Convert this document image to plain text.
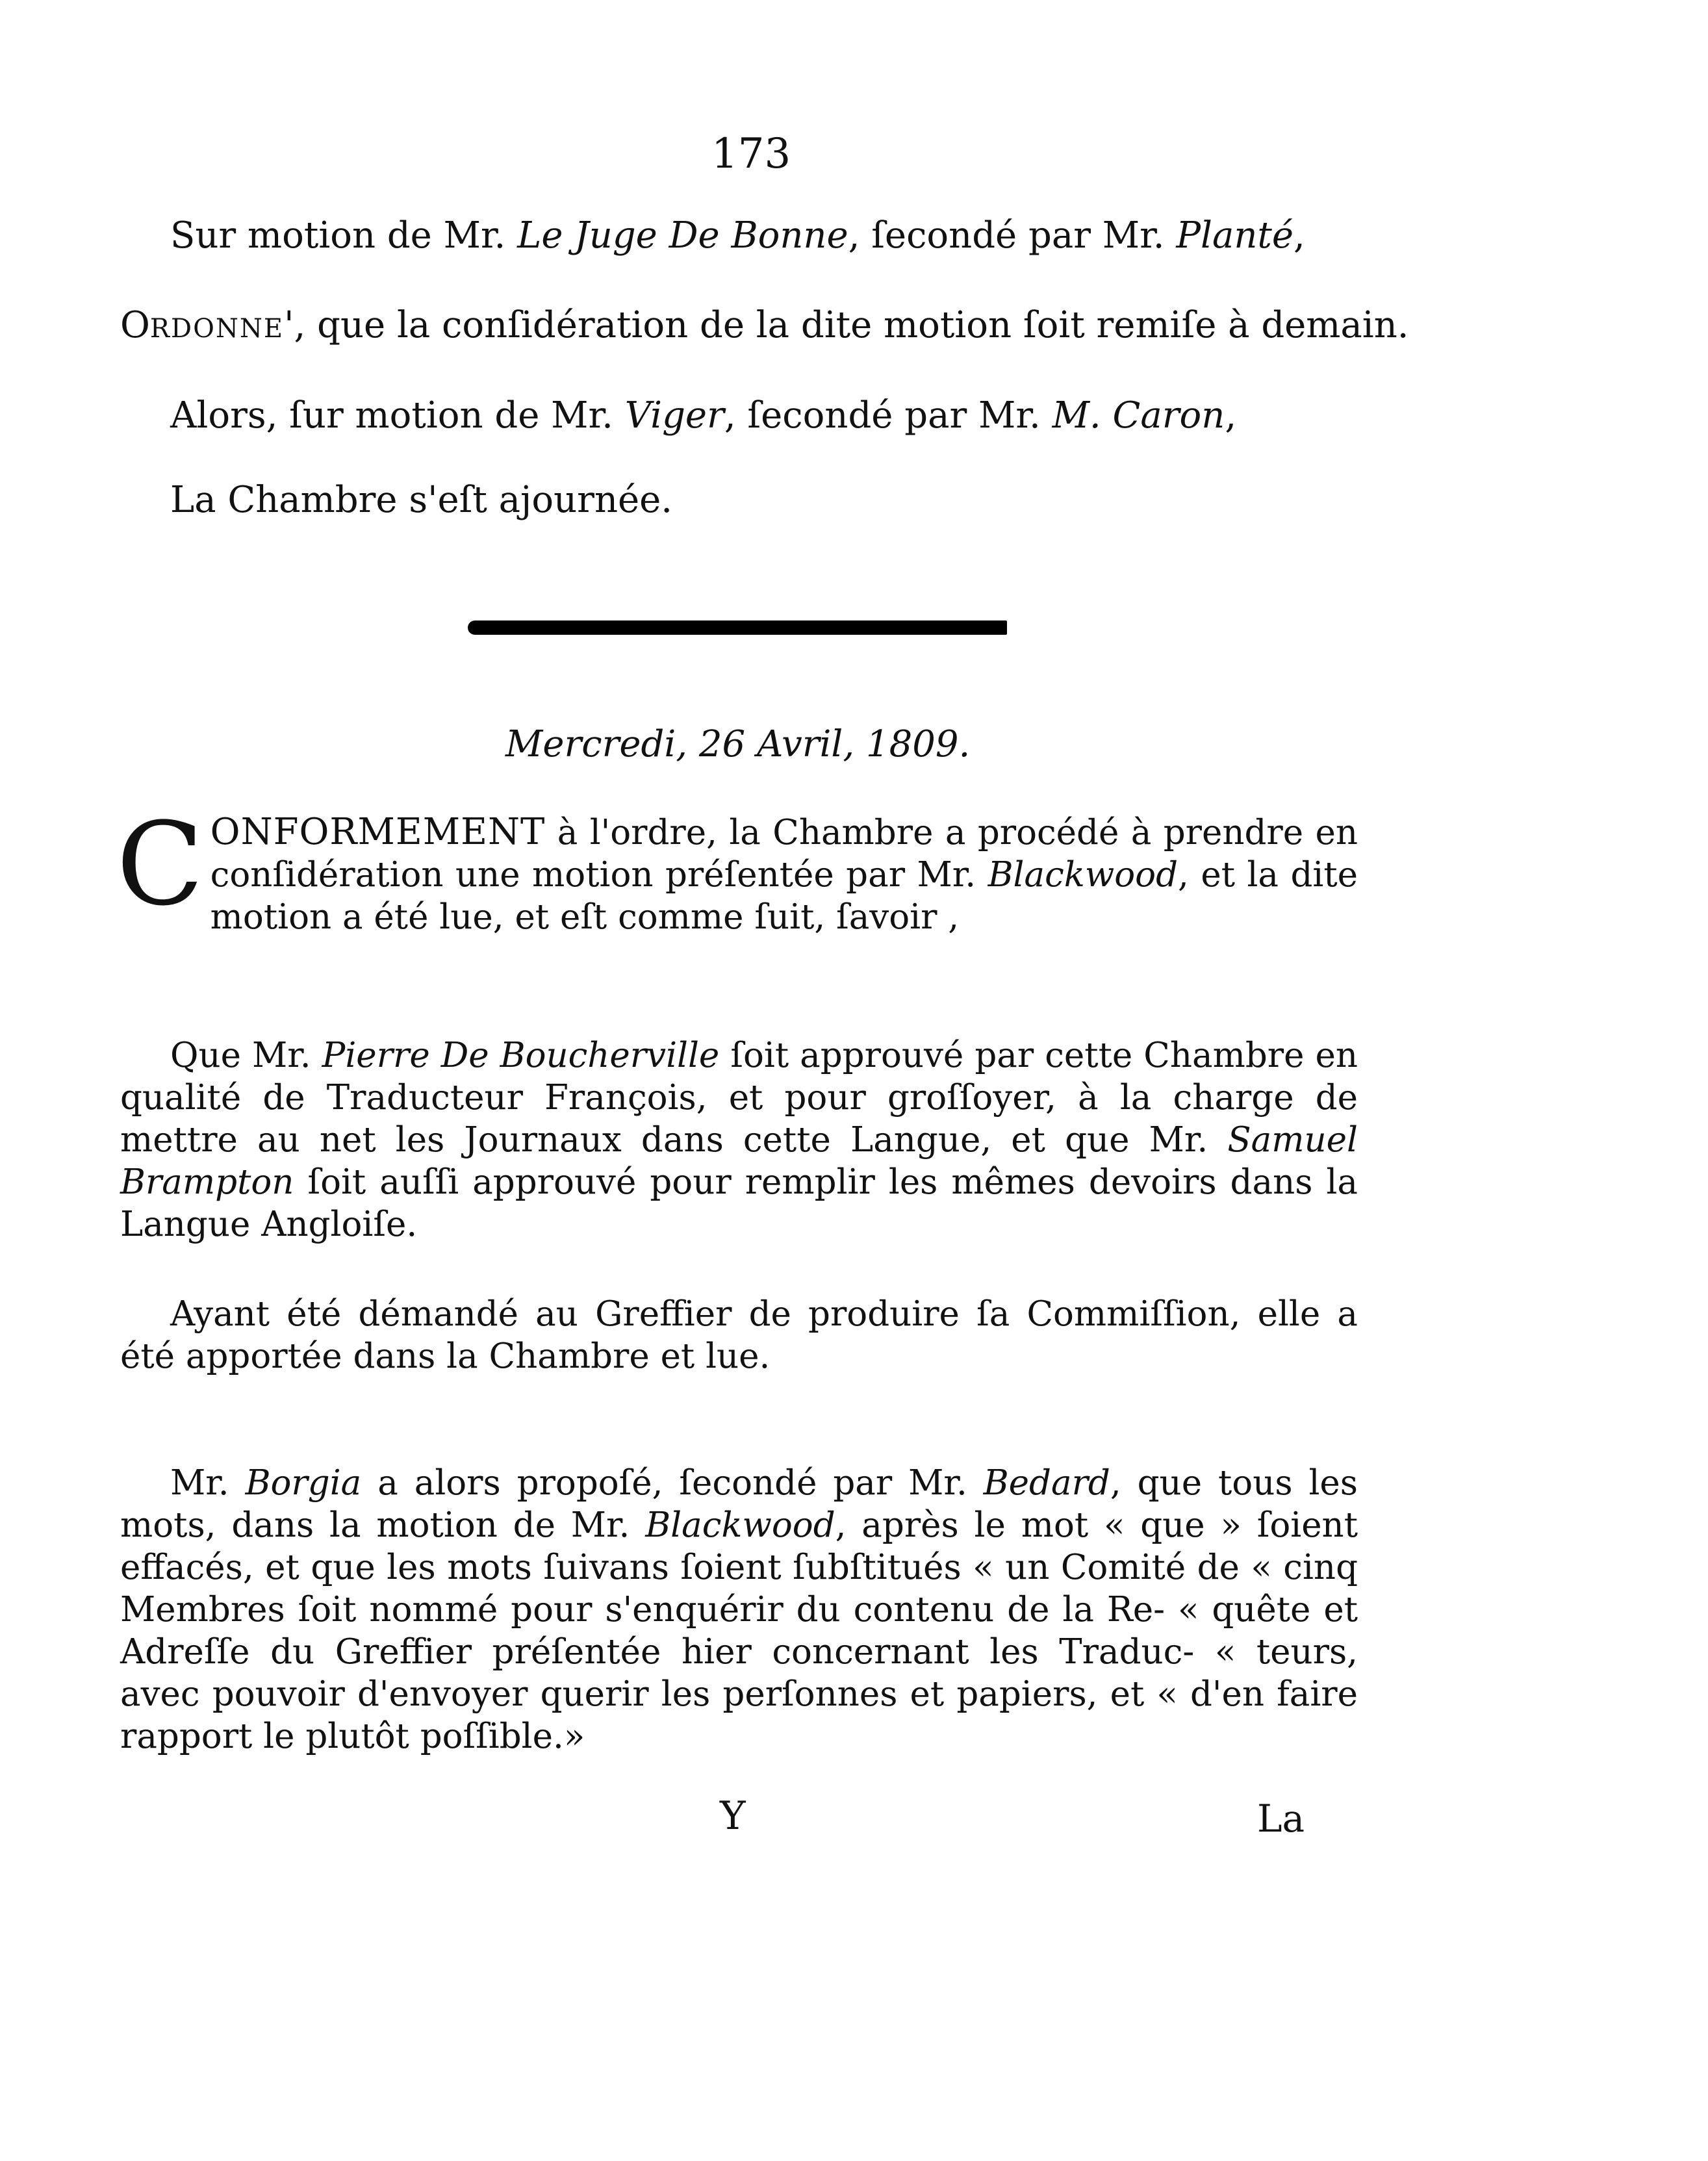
173
Sur motion de Mr. Le Juge De Bonne, ſecondé par Mr. Planté,
ORDONNE', que la conſidération de la dite motion ſoit remiſe à demain.
Alors, ſur motion de Mr. Viger, ſecondé par Mr. M. Caron,
La Chambre s'eſt ajournée.
Mercredi, 26 Avril, 1809.
CONFORMEMENT à l'ordre, la Chambre a procédé à prendre en conſidération une motion préſentée par Mr. Blackwood, et la dite motion a été lue, et eſt comme ſuit, ſavoir ,
Que Mr. Pierre De Boucherville ſoit approuvé par cette Chambre en qualité de Traducteur François, et pour groſſoyer, à la charge de mettre au net les Journaux dans cette Langue, et que Mr. Samuel Brampton ſoit auſſi approuvé pour remplir les mêmes devoirs dans la Langue Angloiſe.
Ayant été démandé au Greffier de produire ſa Commiſſion, elle a été apportée dans la Chambre et lue.
Mr. Borgia a alors propoſé, ſecondé par Mr. Bedard, que tous les mots, dans la motion de Mr. Blackwood, après le mot « que » ſoient effacés, et que les mots ſuivans ſoient ſubſtitués « un Comité de « cinq Membres ſoit nommé pour s'enquérir du contenu de la Re- « quête et Adreſſe du Greffier préſentée hier concernant les Traduc- « teurs, avec pouvoir d'envoyer querir les perſonnes et papiers, et « d'en faire rapport le plutôt poſſible.»
Y	La
